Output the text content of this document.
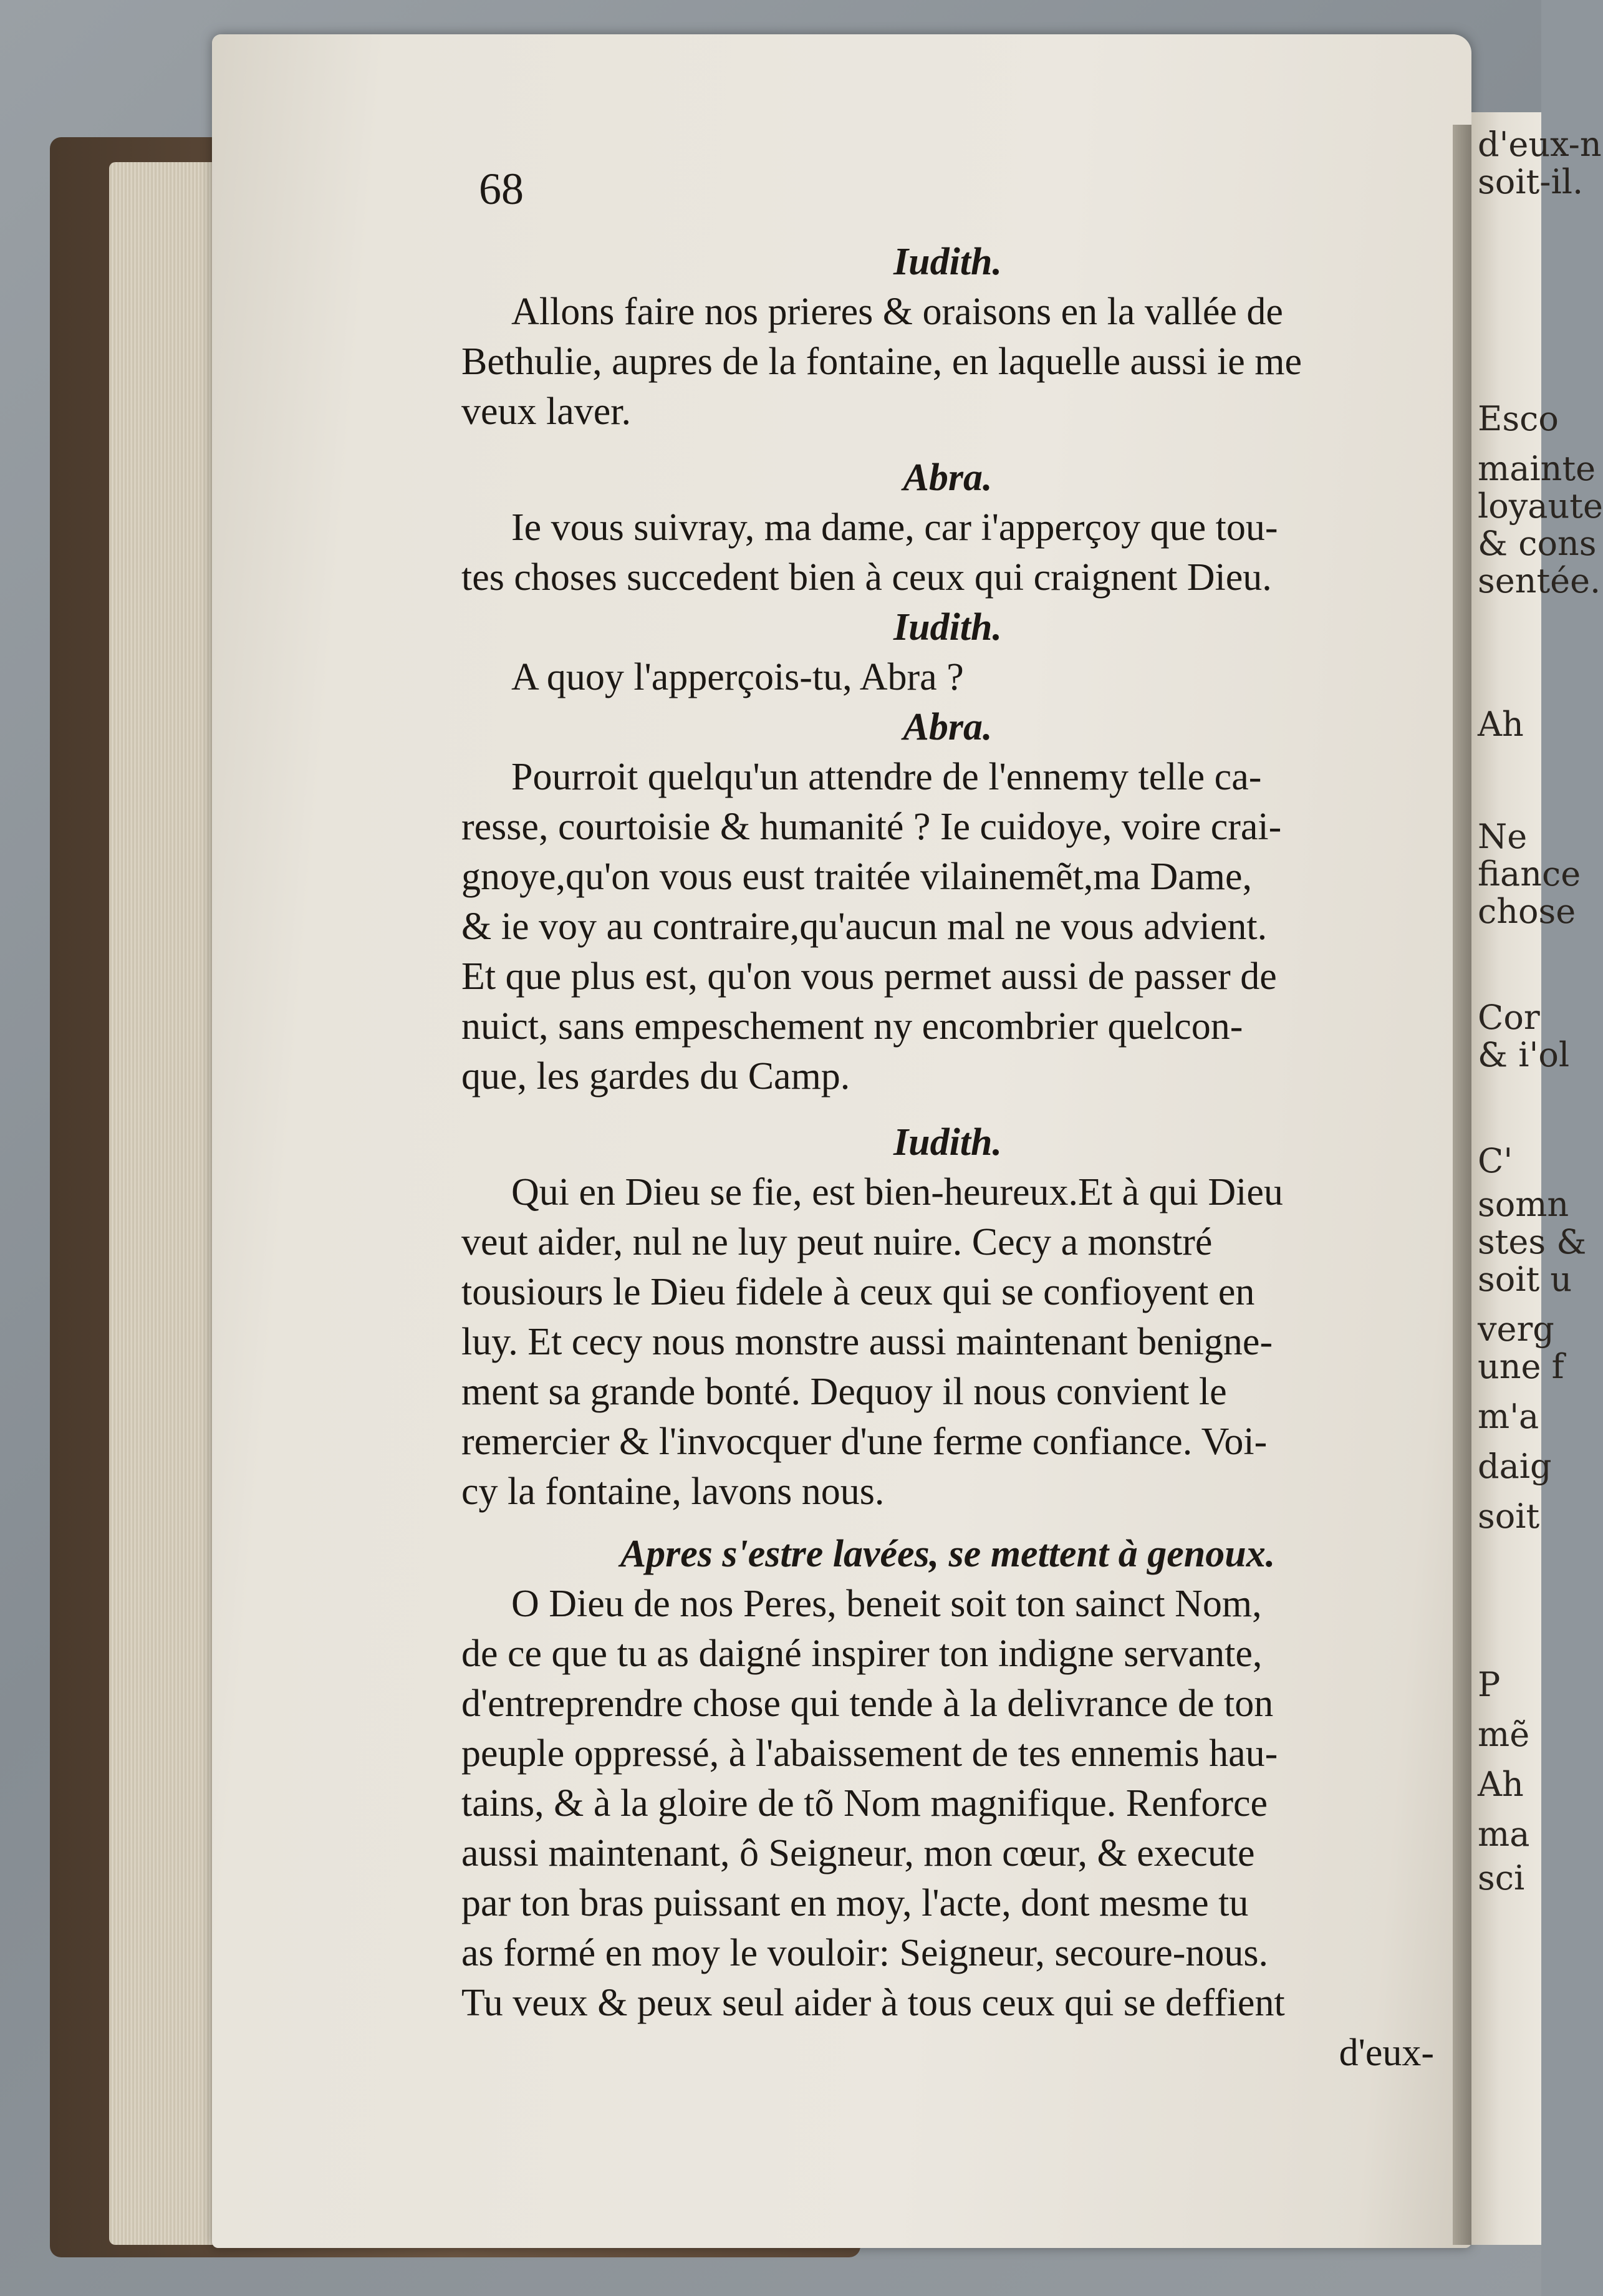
68
Iudith.
Allons faire nos prieres & oraisons en la vallée de
Bethulie, aupres de la fontaine, en laquelle aussi ie me
veux laver.
Abra.
Ie vous suivray, ma dame, car i'apperçoy que tou-
tes choses succedent bien à ceux qui craignent Dieu.
Iudith.
A quoy l'apperçois-tu, Abra ?
Abra.
Pourroit quelqu'un attendre de l'ennemy telle ca-
resse, courtoisie & humanité ? Ie cuidoye, voire crai-
gnoye,qu'on vous eust traitée vilainemẽt,ma Dame,
& ie voy au contraire,qu'aucun mal ne vous advient.
Et que plus est, qu'on vous permet aussi de passer de
nuict, sans empeschement ny encombrier quelcon-
que, les gardes du Camp.
Iudith.
Qui en Dieu se fie, est bien-heureux.Et à qui Dieu
veut aider, nul ne luy peut nuire. Cecy a monstré
tousiours le Dieu fidele à ceux qui se confioyent en
luy. Et cecy nous monstre aussi maintenant benigne-
ment sa grande bonté. Dequoy il nous convient le
remercier & l'invocquer d'une ferme confiance. Voi-
cy la fontaine, lavons nous.
Apres s'estre lavées, se mettent à genoux.
O Dieu de nos Peres, beneit soit ton sainct Nom,
de ce que tu as daigné inspirer ton indigne servante,
d'entreprendre chose qui tende à la delivrance de ton
peuple oppressé, à l'abaissement de tes ennemis hau-
tains, & à la gloire de tõ Nom magnifique. Renforce
aussi maintenant, ô Seigneur, mon cœur, & execute
par ton bras puissant en moy, l'acte, dont mesme tu
as formé en moy le vouloir: Seigneur, secoure-nous.
Tu veux & peux seul aider à tous ceux qui se deffient
d'eux-
d'eux-n
soit-il.
Esco
mainte
loyaute
& cons
sentée.
Ah
Ne
fiance
chose
Cor
& i'ol
C'
somn
stes &
soit u
verg
une f
m'a
daig
soit
P
mẽ
Ah
ma
sci
